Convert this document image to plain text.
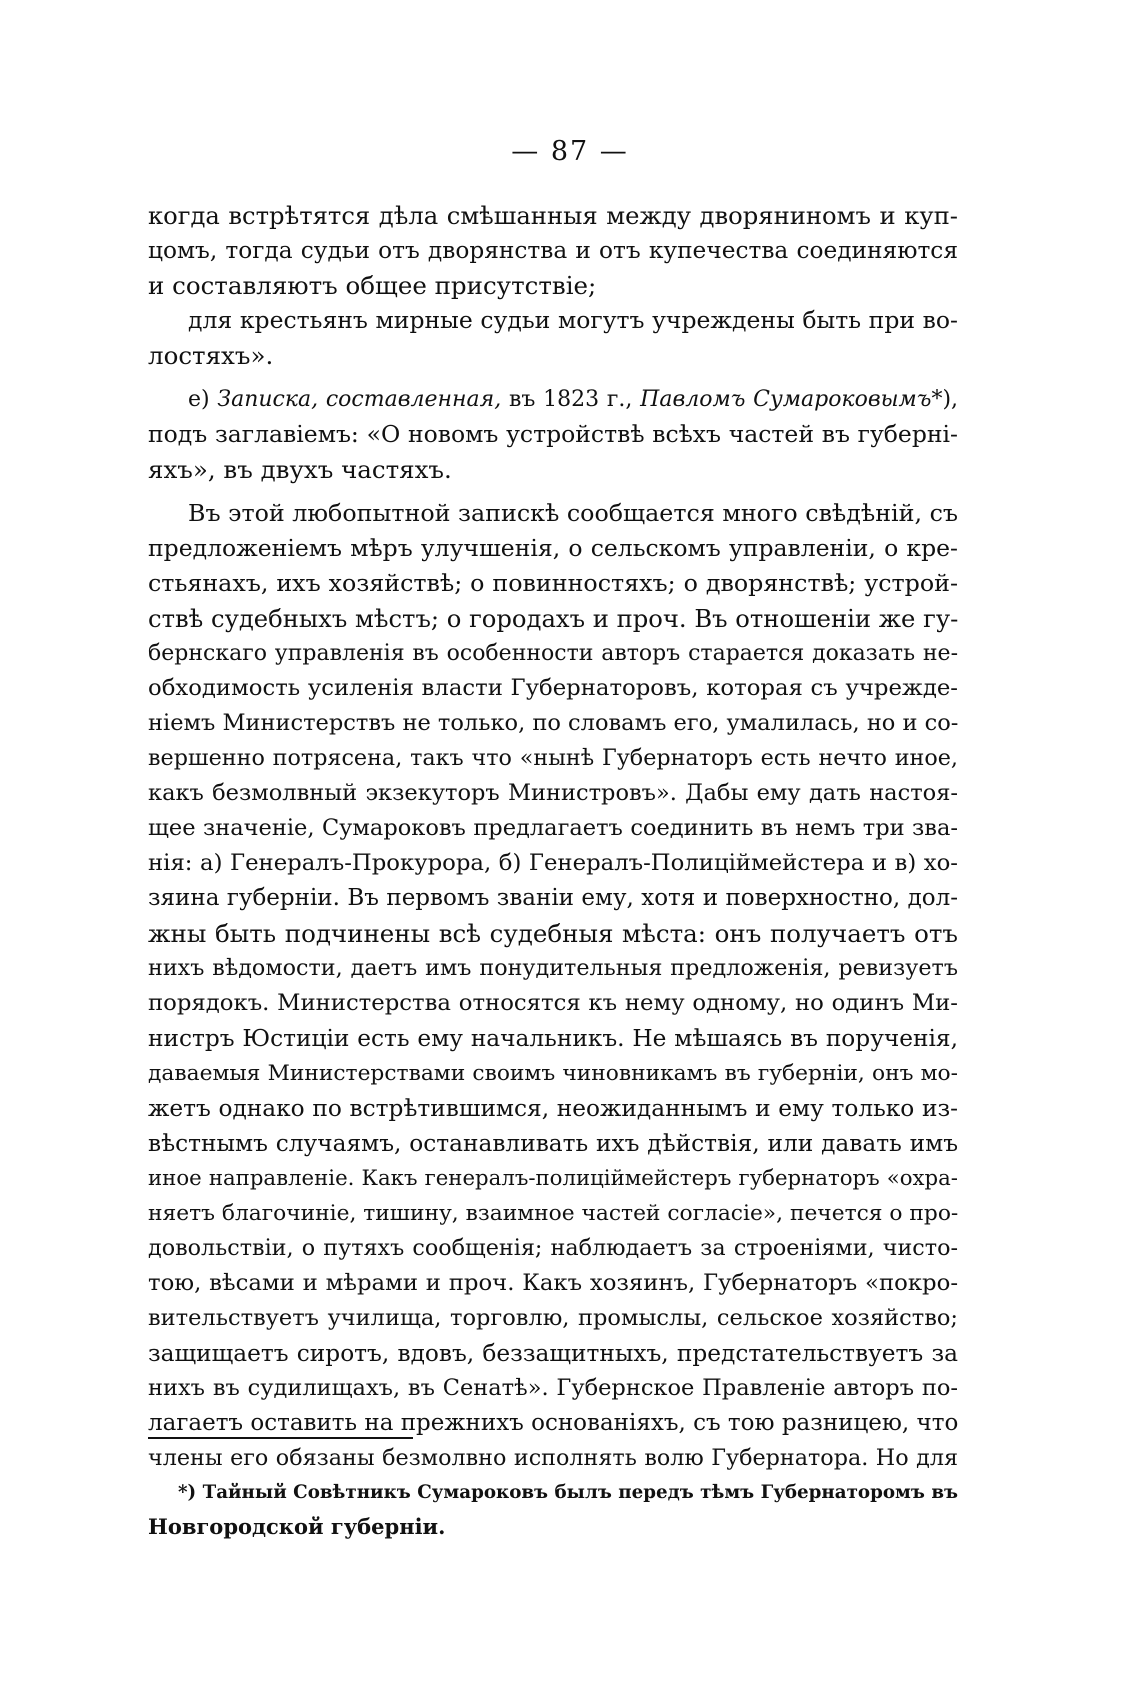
— 87 —
когда встрѣтятся дѣла смѣшанныя между дворяниномъ и куп-
цомъ, тогда судьи отъ дворянства и отъ купечества соединяются
и составляютъ общее присутствіе;
для крестьянъ мирные судьи могутъ учреждены быть при во-
лостяхъ».
е) Записка, составленная, въ 1823 г., Павломъ Сумароковымъ*),
подъ заглавіемъ: «О новомъ устройствѣ всѣхъ частей въ губерні-
яхъ», въ двухъ частяхъ.
Въ этой любопытной запискѣ сообщается много свѣдѣній, съ
предложеніемъ мѣръ улучшенія, о сельскомъ управленіи, о кре-
стьянахъ, ихъ хозяйствѣ; о повинностяхъ; о дворянствѣ; устрой-
ствѣ судебныхъ мѣстъ; о городахъ и проч. Въ отношеніи же гу-
бернскаго управленія въ особенности авторъ старается доказать не-
обходимость усиленія власти Губернаторовъ, которая съ учрежде-
ніемъ Министерствъ не только, по словамъ его, умалилась, но и со-
вершенно потрясена, такъ что «нынѣ Губернаторъ есть нечто иное,
какъ безмолвный экзекуторъ Министровъ». Дабы ему дать настоя-
щее значеніе, Сумароковъ предлагаетъ соединить въ немъ три зва-
нія: а) Генералъ-Прокурора, б) Генералъ-Полицiймейстера и в) хо-
зяина губерніи. Въ первомъ званіи ему, хотя и поверхностно, дол-
жны быть подчинены всѣ судебныя мѣста: онъ получаетъ отъ
нихъ вѣдомости, даетъ имъ понудительныя предложенія, ревизуетъ
порядокъ. Министерства относятся къ нему одному, но одинъ Ми-
нистръ Юстиціи есть ему начальникъ. Не мѣшаясь въ порученія,
даваемыя Министерствами своимъ чиновникамъ въ губерніи, онъ мо-
жетъ однако по встрѣтившимся, неожиданнымъ и ему только из-
вѣстнымъ случаямъ, останавливать ихъ дѣйствія, или давать имъ
иное направленіе. Какъ генералъ-полицiймейстеръ губернаторъ «охра-
няетъ благочиніе, тишину, взаимное частей согласіе», печется о про-
довольствіи, о путяхъ сообщенія; наблюдаетъ за строеніями, чисто-
тою, вѣсами и мѣрами и проч. Какъ хозяинъ, Губернаторъ «покро-
вительствуетъ училища, торговлю, промыслы, сельское хозяйство;
защищаетъ сиротъ, вдовъ, беззащитныхъ, предстательствуетъ за
нихъ въ судилищахъ, въ Сенатѣ». Губернское Правленіе авторъ по-
лагаетъ оставить на прежнихъ основаніяхъ, съ тою разницею, что
члены его обязаны безмолвно исполнять волю Губернатора. Но для
*) Тайный Совѣтникъ Сумароковъ былъ передъ тѣмъ Губернаторомъ въ
Новгородской губерніи.
